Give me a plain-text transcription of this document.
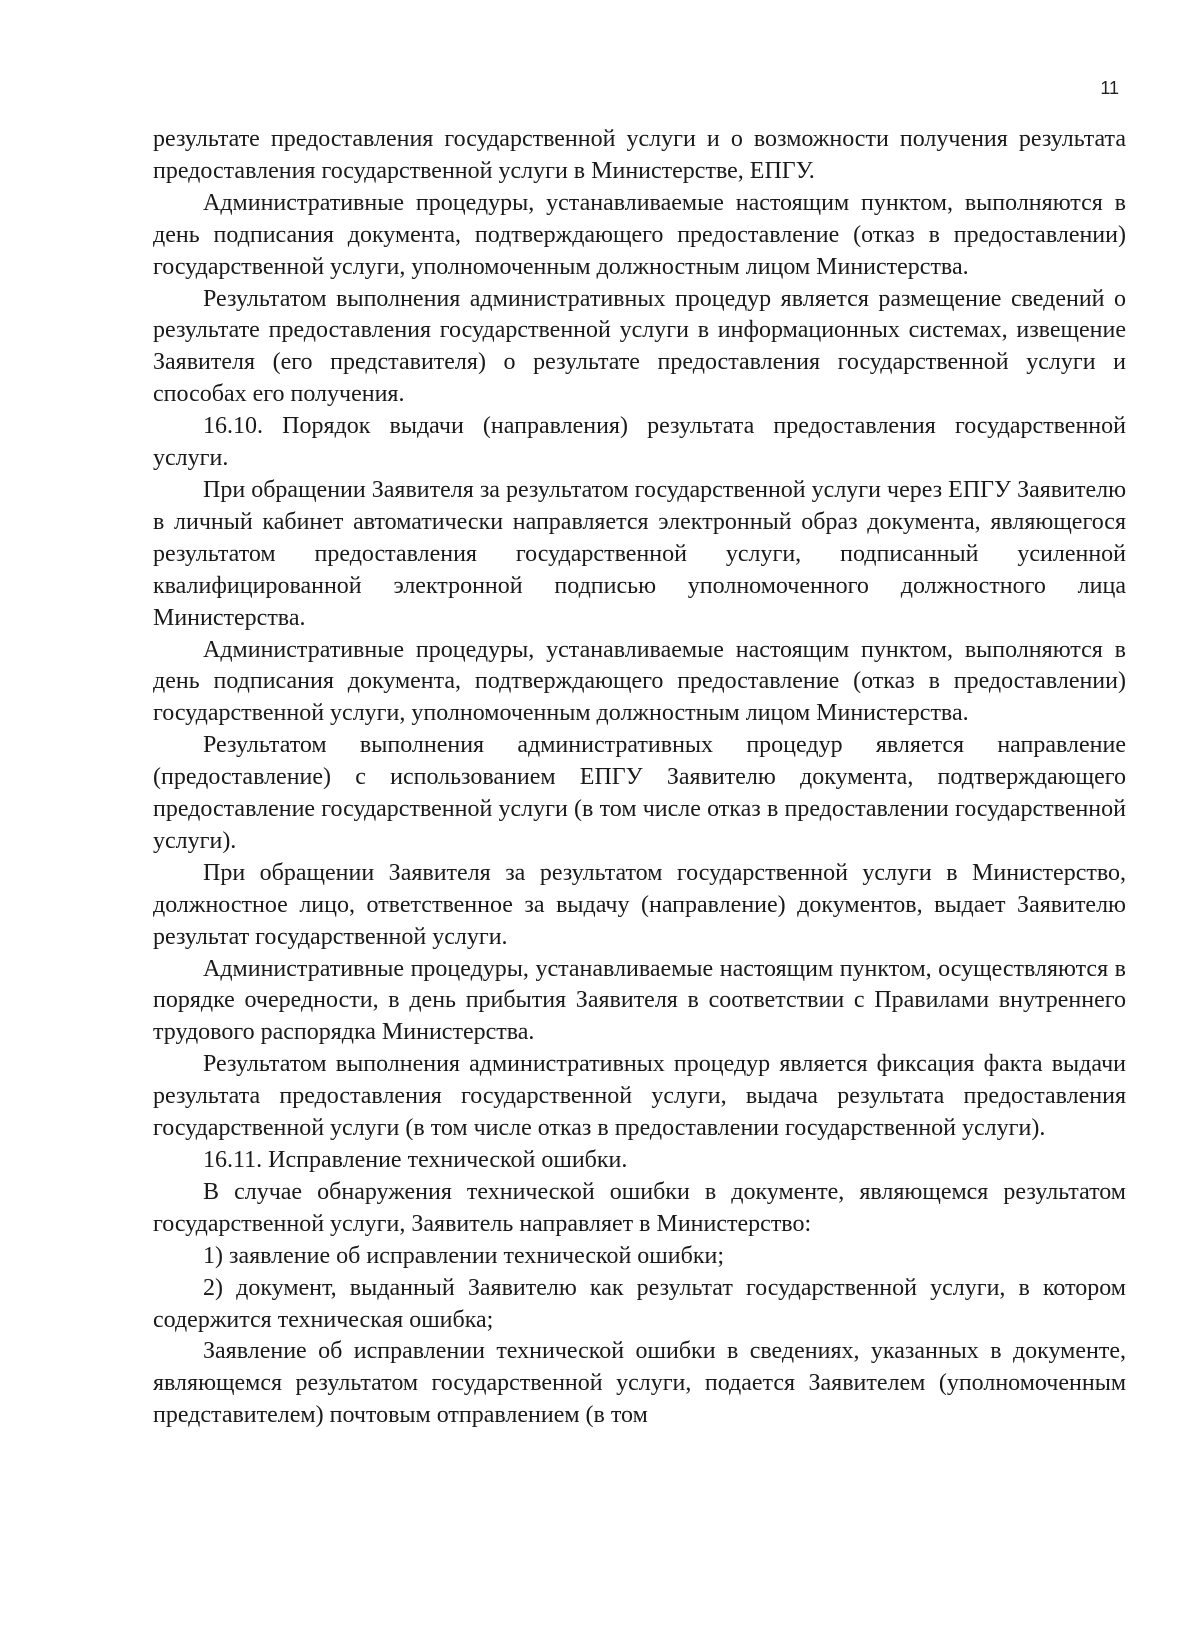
11

результате предоставления государственной услуги и о возможности получения результата предоставления государственной услуги в Министерстве, ЕПГУ.

Административные процедуры, устанавливаемые настоящим пунктом, выполняются в день подписания документа, подтверждающего предоставление (отказ в предоставлении) государственной услуги, уполномоченным должностным лицом Министерства.

Результатом выполнения административных процедур является размещение сведений о результате предоставления государственной услуги в информационных системах, извещение Заявителя (его представителя) о результате предоставления государственной услуги и способах его получения.

16.10. Порядок выдачи (направления) результата предоставления государственной услуги.

При обращении Заявителя за результатом государственной услуги через ЕПГУ Заявителю в личный кабинет автоматически направляется электронный образ документа, являющегося результатом предоставления государственной услуги, подписанный усиленной квалифицированной электронной подписью уполномоченного должностного лица Министерства.

Административные процедуры, устанавливаемые настоящим пунктом, выполняются в день подписания документа, подтверждающего предоставление (отказ в предоставлении) государственной услуги, уполномоченным должностным лицом Министерства.

Результатом выполнения административных процедур является направление (предоставление) с использованием ЕПГУ Заявителю документа, подтверждающего предоставление государственной услуги (в том числе отказ в предоставлении государственной услуги).

При обращении Заявителя за результатом государственной услуги в Министерство, должностное лицо, ответственное за выдачу (направление) документов, выдает Заявителю результат государственной услуги.

Административные процедуры, устанавливаемые настоящим пунктом, осуществляются в порядке очередности, в день прибытия Заявителя в соответствии с Правилами внутреннего трудового распорядка Министерства.

Результатом выполнения административных процедур является фиксация факта выдачи результата предоставления государственной услуги, выдача результата предоставления государственной услуги (в том числе отказ в предоставлении государственной услуги).

16.11. Исправление технической ошибки.

В случае обнаружения технической ошибки в документе, являющемся результатом государственной услуги, Заявитель направляет в Министерство:

1) заявление об исправлении технической ошибки;

2) документ, выданный Заявителю как результат государственной услуги, в котором содержится техническая ошибка;

Заявление об исправлении технической ошибки в сведениях, указанных в документе, являющемся результатом государственной услуги, подается Заявителем (уполномоченным представителем) почтовым отправлением (в том
